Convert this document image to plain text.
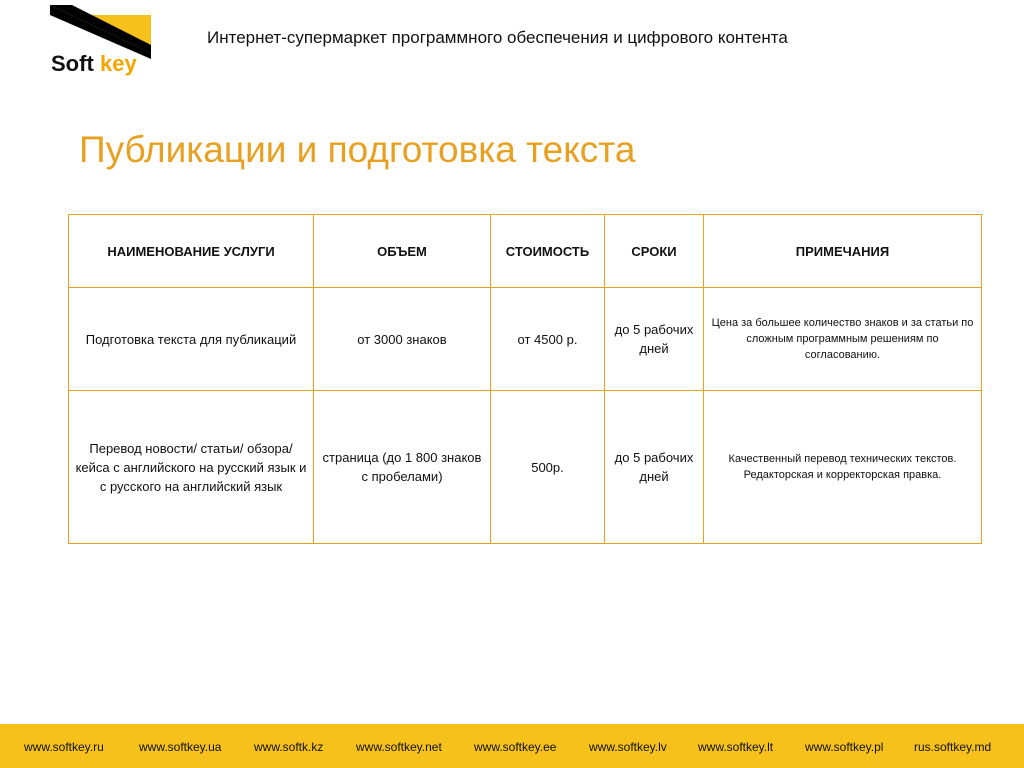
Soft key
Интернет-супермаркет программного обеспечения и цифрового контента
Публикации и подготовка текста
НАИМЕНОВАНИЕ УСЛУГИ	ОБЪЕМ	СТОИМОСТЬ	СРОКИ	ПРИМЕЧАНИЯ
Подготовка текста для публикаций	от 3000 знаков	от 4500 р.	до 5 рабочих дней	Цена за большее количество знаков и за статьи по сложным программным решениям по согласованию.
Перевод новости/ статьи/ обзора/ кейса с английского на русский язык и с русского на английский язык	страница (до 1 800 знаков с пробелами)	500р.	до 5 рабочих дней	Качественный перевод технических текстов. Редакторская и корректорская правка.
www.softkey.ru	www.softkey.ua	www.softk.kz	www.softkey.net	www.softkey.ee	www.softkey.lv	www.softkey.lt	www.softkey.pl	rus.softkey.md
